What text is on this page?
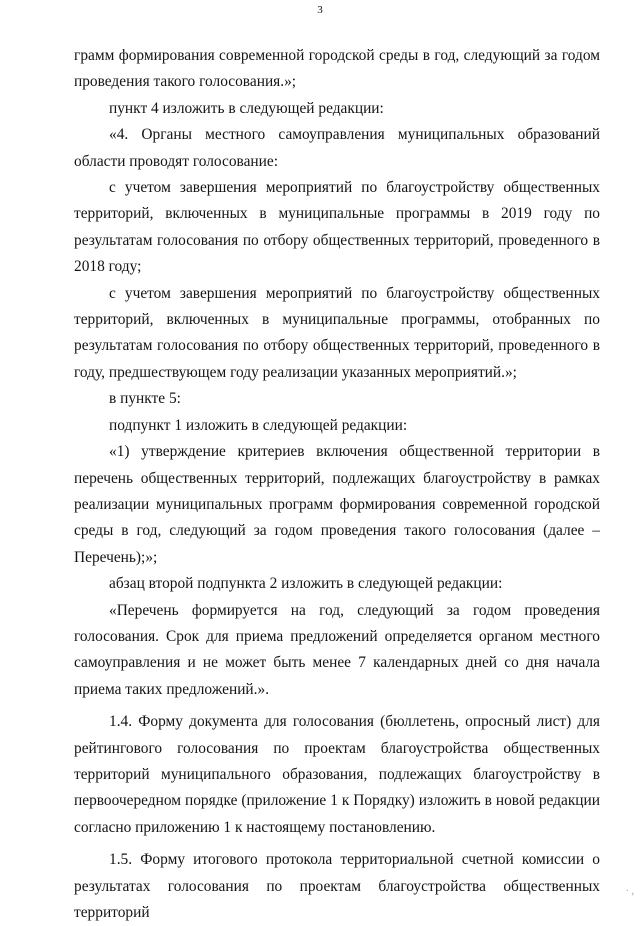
3

грамм формирования современной городской среды в год, следующий за годом проведения такого голосования.»;

пункт 4 изложить в следующей редакции:

«4. Органы местного самоуправления муниципальных образований области проводят голосование:

с учетом завершения мероприятий по благоустройству общественных территорий, включенных в муниципальные программы в 2019 году по результатам голосования по отбору общественных территорий, проведенного в 2018 году;

с учетом завершения мероприятий по благоустройству общественных территорий, включенных в муниципальные программы, отобранных по результатам голосования по отбору общественных территорий, проведенного в году, предшествующем году реализации указанных мероприятий.»;

в пункте 5:

подпункт 1 изложить в следующей редакции:

«1) утверждение критериев включения общественной территории в перечень общественных территорий, подлежащих благоустройству в рамках реализации муниципальных программ формирования современной городской среды в год, следующий за годом проведения такого голосования (далее – Перечень);»;

абзац второй подпункта 2 изложить в следующей редакции:

«Перечень формируется на год, следующий за годом проведения голосования. Срок для приема предложений определяется органом местного самоуправления и не может быть менее 7 календарных дней со дня начала приема таких предложений.».

1.4. Форму документа для голосования (бюллетень, опросный лист) для рейтингового голосования по проектам благоустройства общественных территорий муниципального образования, подлежащих благоустройству в первоочередном порядке (приложение 1 к Порядку) изложить в новой редакции согласно приложению 1 к настоящему постановлению.

1.5. Форму итогового протокола территориальной счетной комиссии о результатах голосования по проектам благоустройства общественных территорий

· ,
